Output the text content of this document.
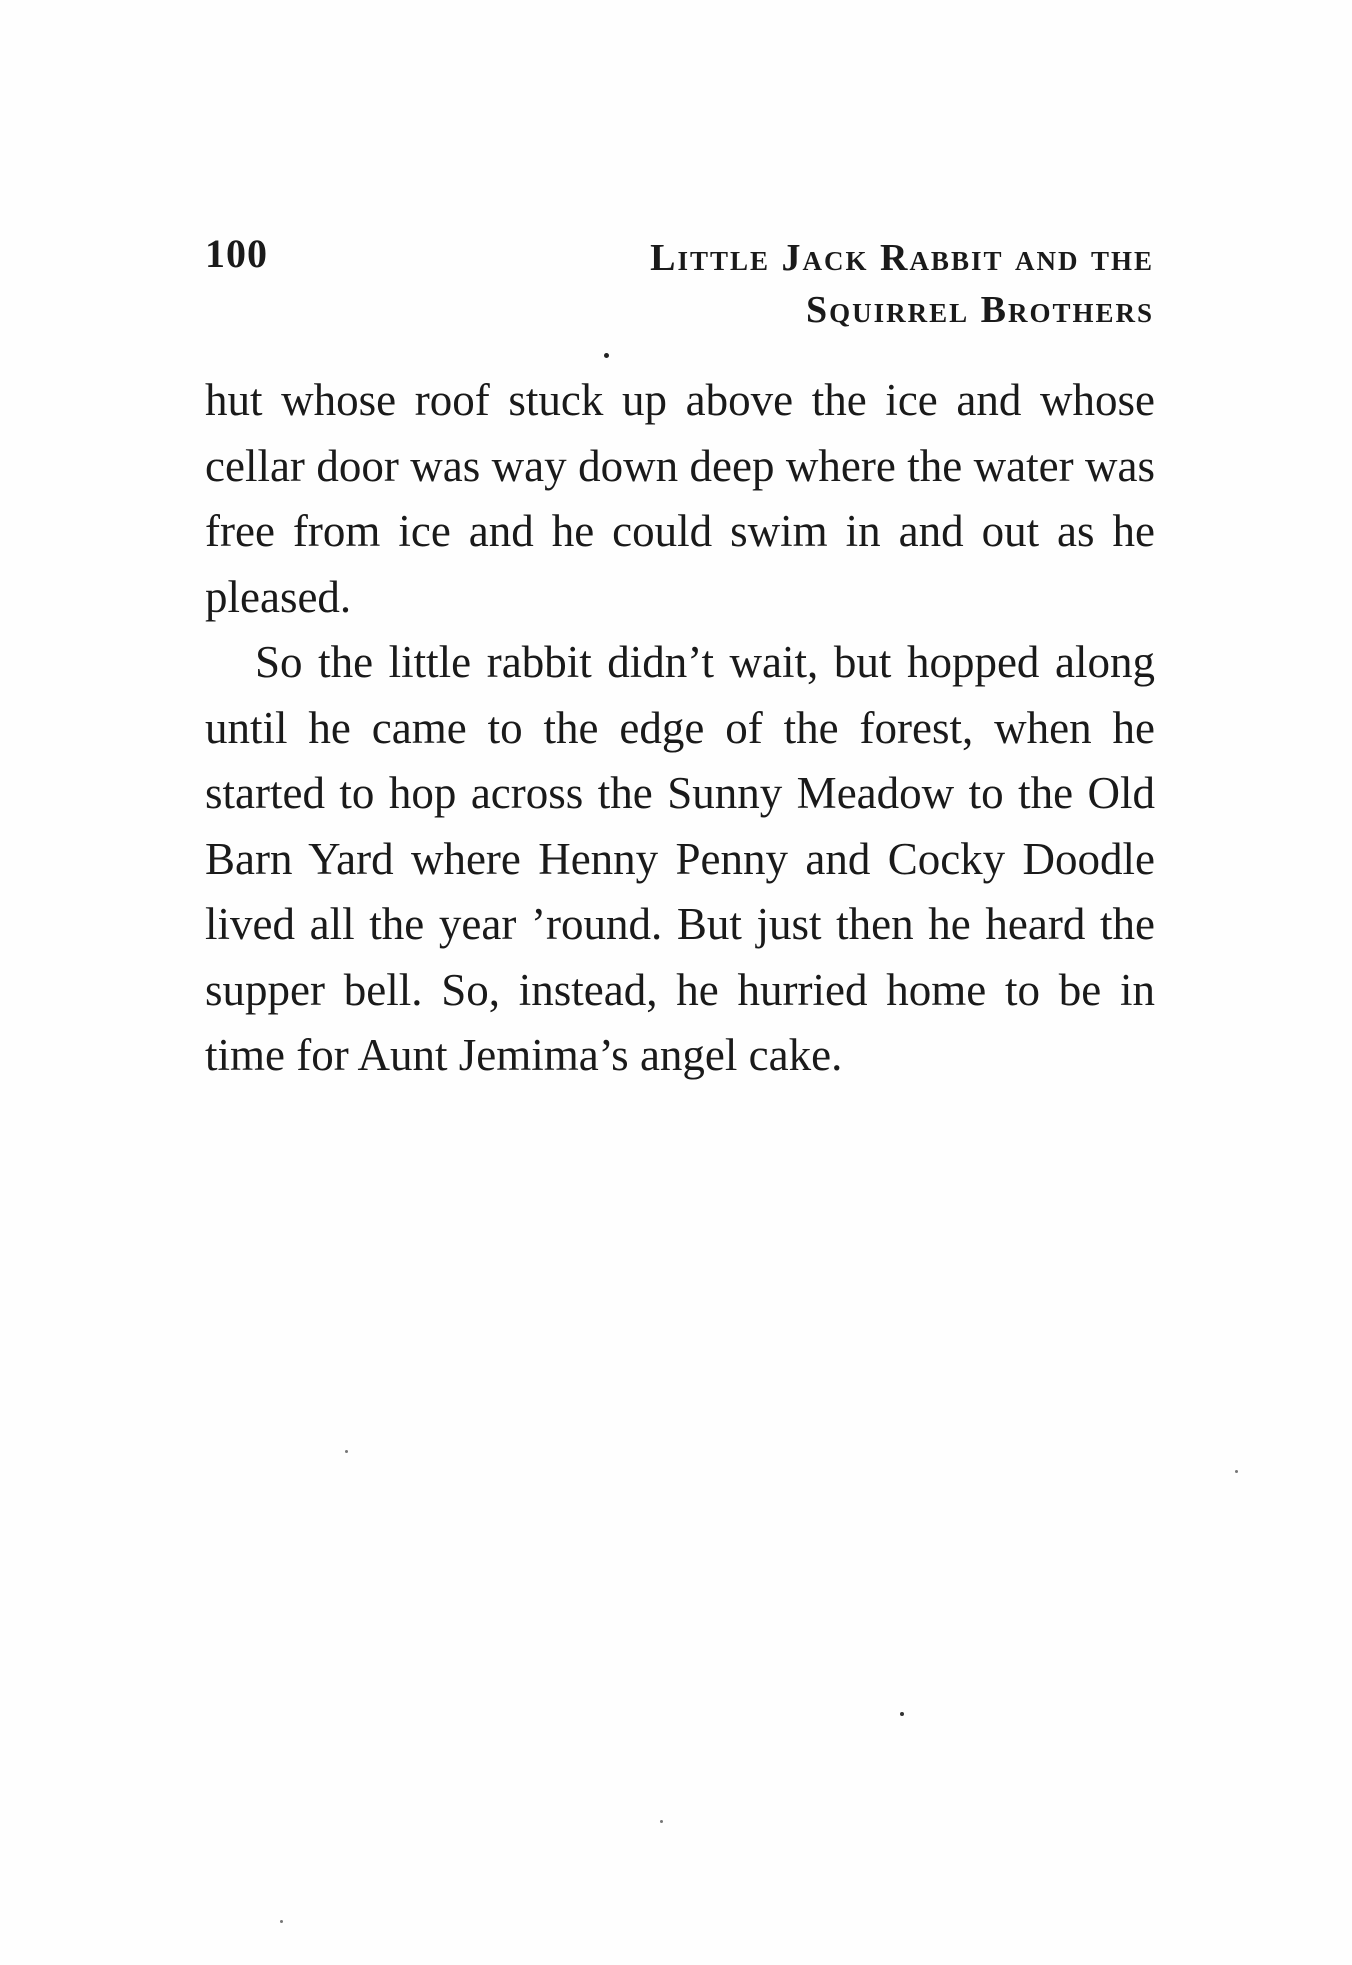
100	Little Jack Rabbit and the
Squirrel Brothers

hut whose roof stuck up above the ice and whose cellar door was way down deep where the water was free from ice and he could swim in and out as he pleased.

So the little rabbit didn’t wait, but hopped along until he came to the edge of the forest, when he started to hop across the Sunny Meadow to the Old Barn Yard where Henny Penny and Cocky Doodle lived all the year ’round. But just then he heard the supper bell. So, instead, he hurried home to be in time for Aunt Jemima’s angel cake.
